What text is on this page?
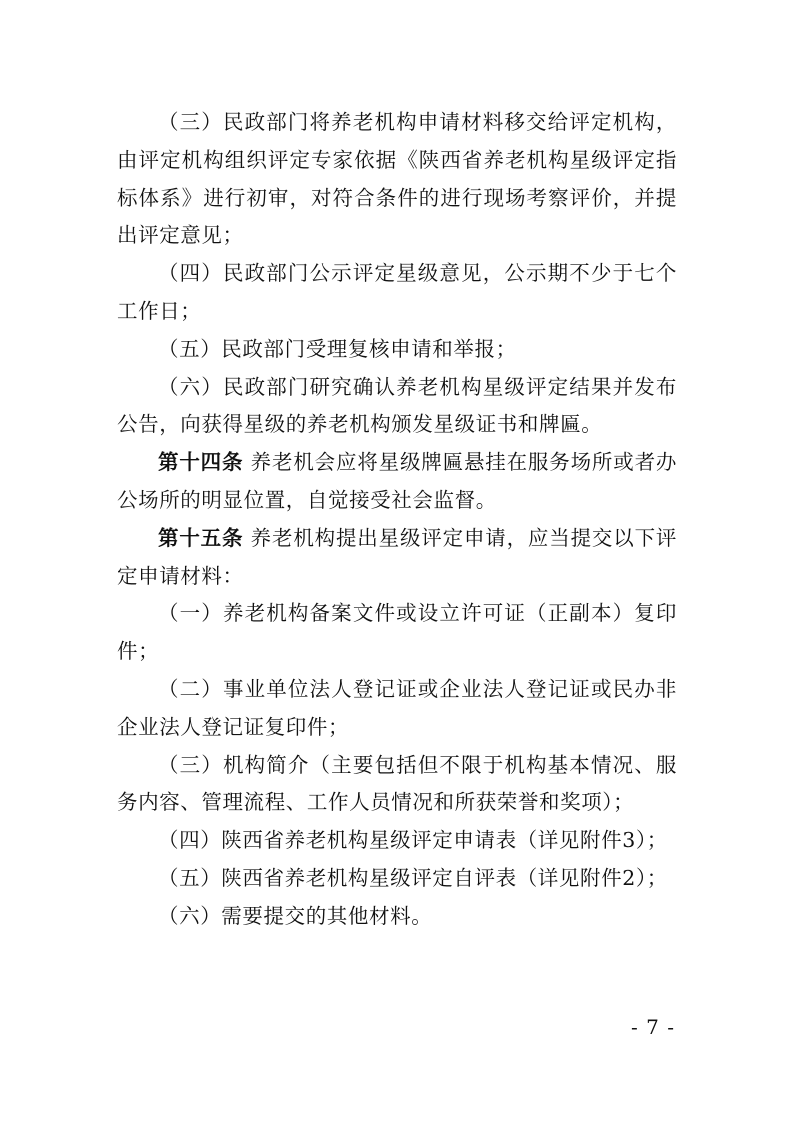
（三）民政部门将养老机构申请材料移交给评定机构，由评定机构组织评定专家依据《陕西省养老机构星级评定指标体系》进行初审，对符合条件的进行现场考察评价，并提出评定意见；

（四）民政部门公示评定星级意见，公示期不少于七个工作日；

（五）民政部门受理复核申请和举报；

（六）民政部门研究确认养老机构星级评定结果并发布公告，向获得星级的养老机构颁发星级证书和牌匾。

第十四条 养老机会应将星级牌匾悬挂在服务场所或者办公场所的明显位置，自觉接受社会监督。

第十五条 养老机构提出星级评定申请，应当提交以下评定申请材料：

（一）养老机构备案文件或设立许可证（正副本）复印件；

（二）事业单位法人登记证或企业法人登记证或民办非企业法人登记证复印件；

（三）机构简介（主要包括但不限于机构基本情况、服务内容、管理流程、工作人员情况和所获荣誉和奖项）；

（四）陕西省养老机构星级评定申请表（详见附件3）；

（五）陕西省养老机构星级评定自评表（详见附件2）；

（六）需要提交的其他材料。

- 7 -
